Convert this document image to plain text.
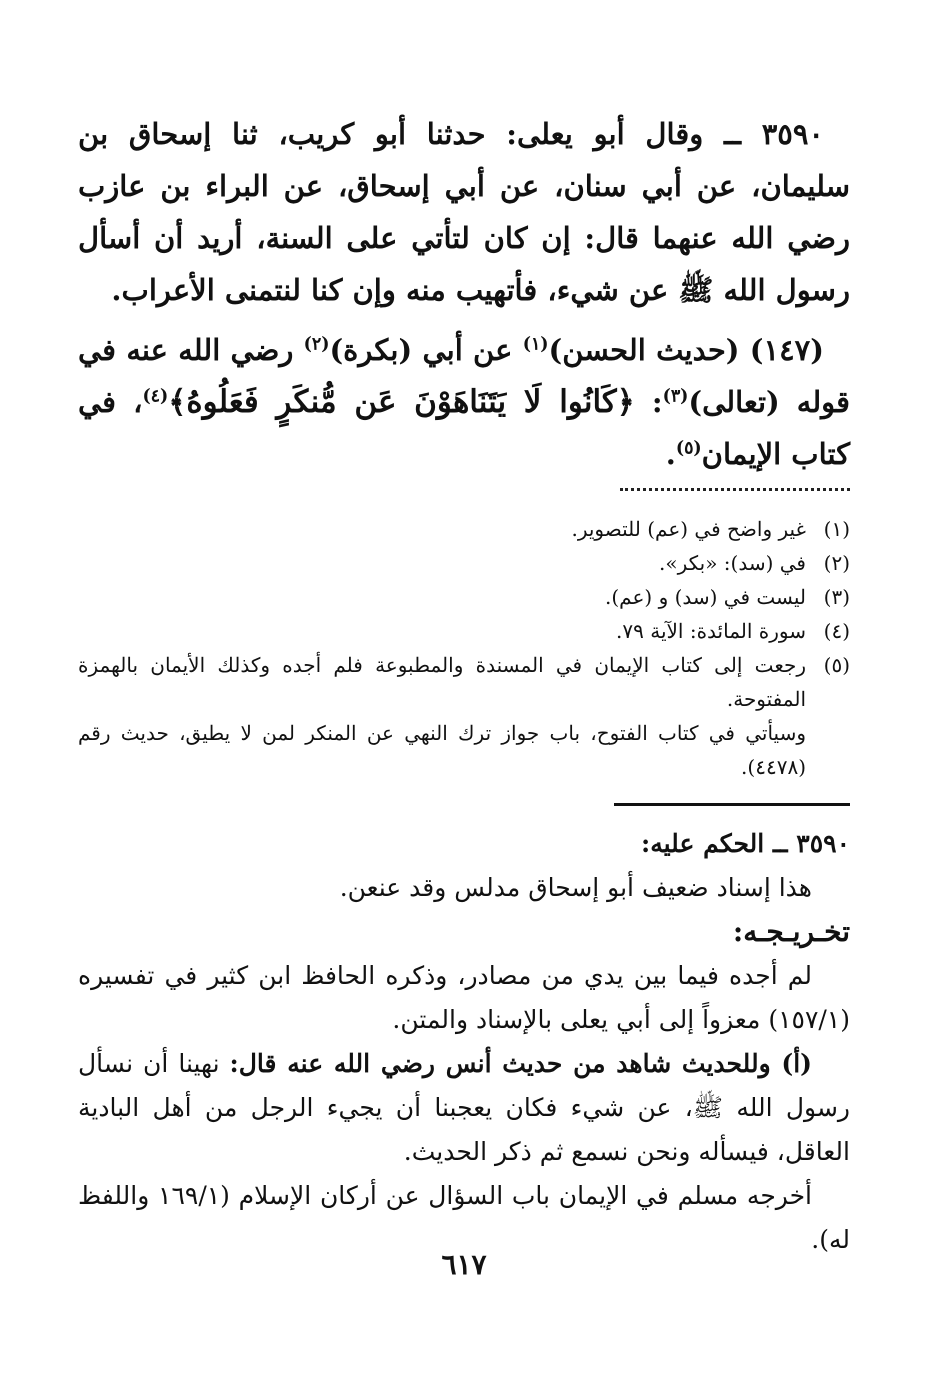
٣٥٩٠ ــ وقال أبو يعلى: حدثنا أبو كريب، ثنا إسحاق بن سليمان، عن أبي سنان، عن أبي إسحاق، عن البراء بن عازب رضي الله عنهما قال: إن كان لتأتي على السنة، أريد أن أسأل رسول الله ﷺ عن شيء، فأتهيب منه وإن كنا لنتمنى الأعراب.

(١٤٧) (حديث الحسن)$^{(١)}$ عن أبي (بكرة)$^{(٢)}$ رضي الله عنه في قوله (تعالى)$^{(٣)}$: ﴿كَانُوا لَا يَتَنَاهَوْنَ عَن مُّنكَرٍ فَعَلُوهُ﴾$^{(٤)}$، في كتاب الإيمان$^{(٥)}$.

(١)
غير واضح في (عم) للتصوير.

(٢)
في (سد): «بكر».

(٣)
ليست في (سد) و (عم).

(٤)
سورة المائدة: الآية ٧٩.

(٥)
رجعت إلى كتاب الإيمان في المسندة والمطبوعة فلم أجده وكذلك الأيمان بالهمزة المفتوحة.

وسيأتي في كتاب الفتوح، باب جواز ترك النهي عن المنكر لمن لا يطيق، حديث رقم (٤٤٧٨).

٣٥٩٠ ــ الحكم عليه:

هذا إسناد ضعيف أبو إسحاق مدلس وقد عنعن.

تخـريـجـه:

لم أجده فيما بين يدي من مصادر، وذكره الحافظ ابن كثير في تفسيره (١٥٧/١) معزواً إلى أبي يعلى بالإسناد والمتن.

(أ) وللحديث شاهد من حديث أنس رضي الله عنه قال: نهينا أن نسأل رسول الله ﷺ، عن شيء فكان يعجبنا أن يجيء الرجل من أهل البادية العاقل، فيسأله ونحن نسمع ثم ذكر الحديث.

أخرجه مسلم في الإيمان باب السؤال عن أركان الإسلام (١٦٩/١ واللفظ له).

٦١٧
